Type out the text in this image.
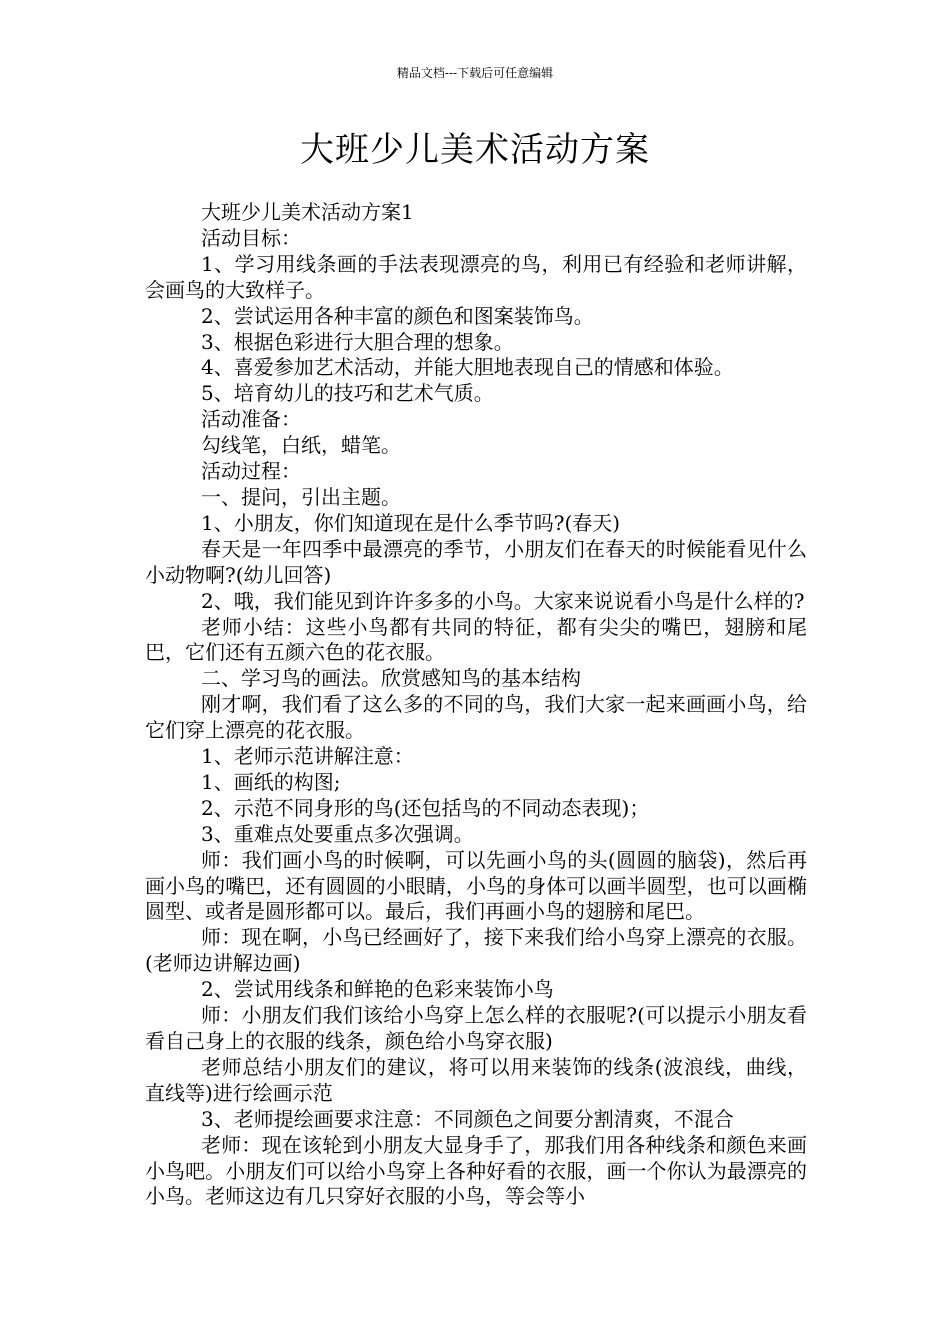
精品文档---下载后可任意编辑
大班少儿美术活动方案

大班少儿美术活动方案1

活动目标：

1、学习用线条画的手法表现漂亮的鸟，利用已有经验和老师讲解，会画鸟的大致样子。

2、尝试运用各种丰富的颜色和图案装饰鸟。

3、根据色彩进行大胆合理的想象。

4、喜爱参加艺术活动，并能大胆地表现自己的情感和体验。

5、培育幼儿的技巧和艺术气质。

活动准备：

勾线笔，白纸，蜡笔。

活动过程：

一、提问，引出主题。

1、小朋友，你们知道现在是什么季节吗?(春天)

春天是一年四季中最漂亮的季节，小朋友们在春天的时候能看见什么小动物啊?(幼儿回答)

2、哦，我们能见到许许多多的小鸟。大家来说说看小鸟是什么样的?

老师小结：这些小鸟都有共同的特征，都有尖尖的嘴巴，翅膀和尾巴，它们还有五颜六色的花衣服。

二、学习鸟的画法。欣赏感知鸟的基本结构

刚才啊，我们看了这么多的不同的鸟，我们大家一起来画画小鸟，给它们穿上漂亮的花衣服。

1、老师示范讲解注意：

1、画纸的构图;

2、示范不同身形的鸟(还包括鸟的不同动态表现)；

3、重难点处要重点多次强调。

师：我们画小鸟的时候啊，可以先画小鸟的头(圆圆的脑袋)，然后再画小鸟的嘴巴，还有圆圆的小眼睛，小鸟的身体可以画半圆型，也可以画椭圆型、或者是圆形都可以。最后，我们再画小鸟的翅膀和尾巴。

师：现在啊，小鸟已经画好了，接下来我们给小鸟穿上漂亮的衣服。(老师边讲解边画)

2、尝试用线条和鲜艳的色彩来装饰小鸟

师：小朋友们我们该给小鸟穿上怎么样的衣服呢?(可以提示小朋友看看自己身上的衣服的线条，颜色给小鸟穿衣服)

老师总结小朋友们的建议，将可以用来装饰的线条(波浪线，曲线，直线等)进行绘画示范

3、老师提绘画要求注意：不同颜色之间要分割清爽，不混合

老师：现在该轮到小朋友大显身手了，那我们用各种线条和颜色来画小鸟吧。小朋友们可以给小鸟穿上各种好看的衣服，画一个你认为最漂亮的小鸟。老师这边有几只穿好衣服的小鸟，等会等小
